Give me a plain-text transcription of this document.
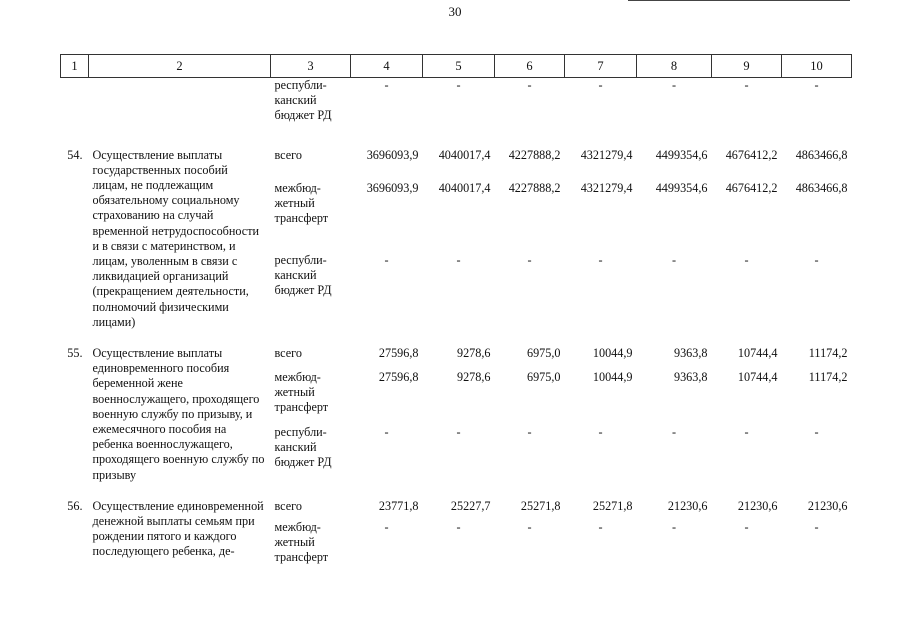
30
1	2	3	4	5	6	7	8	9	10
		республи-
канский
бюджет РД	-	-	-	-	-	-	-
54.	Осуществление выплаты государственных пособий лицам, не подлежащим обязательному социальному страхованию на случай временной нетрудоспособности и в связи с материнством, и лицам, уволенным в связи с ликвидацией организаций (прекращением деятельности, полномочий физическими лицами)	всего	3696093,9	4040017,4	4227888,2	4321279,4	4499354,6	4676412,2	4863466,8
		межбюд-
жетный
трансферт	3696093,9	4040017,4	4227888,2	4321279,4	4499354,6	4676412,2	4863466,8
		республи-
канский
бюджет РД	-	-	-	-	-	-	-
55.	Осуществление выплаты единовременного пособия беременной жене военнослужащего, проходящего военную службу по призыву, и ежемесячного пособия на ребенка военнослужащего, проходящего военную службу по призыву	всего	27596,8	9278,6	6975,0	10044,9	9363,8	10744,4	11174,2
		межбюд-
жетный
трансферт	27596,8	9278,6	6975,0	10044,9	9363,8	10744,4	11174,2
		республи-
канский
бюджет РД	-	-	-	-	-	-	-
56.	Осуществление единовременной денежной выплаты семьям при рождении пятого и каждого последующего ребенка, де-	всего	23771,8	25227,7	25271,8	25271,8	21230,6	21230,6	21230,6
		межбюд-
жетный
трансферт	-	-	-	-	-	-	-
